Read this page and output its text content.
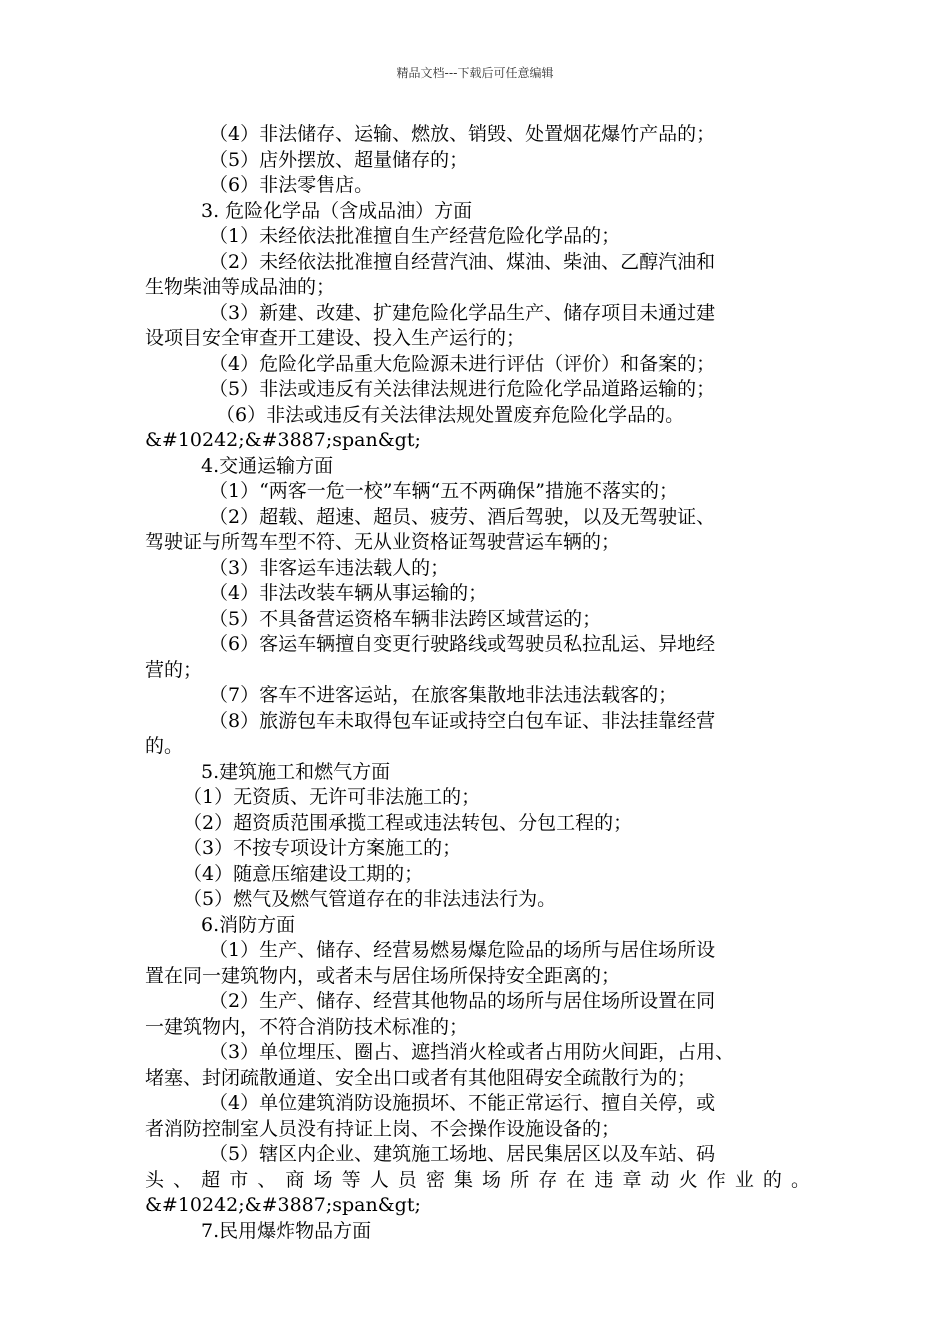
精品文档---下载后可任意编辑
（4）非法储存、运输、燃放、销毁、处置烟花爆竹产品的；
（5）店外摆放、超量储存的；
（6）非法零售店。
3. 危险化学品（含成品油）方面
（1）未经依法批准擅自生产经营危险化学品的；
（2）未经依法批准擅自经营汽油、煤油、柴油、乙醇汽油和
生物柴油等成品油的；
（3）新建、改建、扩建危险化学品生产、储存项目未通过建
设项目安全审查开工建设、投入生产运行的；
（4）危险化学品重大危险源未进行评估（评价）和备案的；
（5）非法或违反有关法律法规进行危险化学品道路运输的；
（6）非法或违反有关法律法规处置废弃危险化学品的。
&#10242;&#3887;span&gt;
4.交通运输方面
（1）“两客一危一校”车辆“五不两确保”措施不落实的；
（2）超载、超速、超员、疲劳、酒后驾驶，以及无驾驶证、
驾驶证与所驾车型不符、无从业资格证驾驶营运车辆的；
（3）非客运车违法载人的；
（4）非法改装车辆从事运输的；
（5）不具备营运资格车辆非法跨区域营运的；
（6）客运车辆擅自变更行驶路线或驾驶员私拉乱运、异地经
营的；
（7）客车不进客运站，在旅客集散地非法违法载客的；
（8）旅游包车未取得包车证或持空白包车证、非法挂靠经营
的。
5.建筑施工和燃气方面
（1）无资质、无许可非法施工的；
（2）超资质范围承揽工程或违法转包、分包工程的；
（3）不按专项设计方案施工的；
（4）随意压缩建设工期的；
（5）燃气及燃气管道存在的非法违法行为。
6.消防方面
（1）生产、储存、经营易燃易爆危险品的场所与居住场所设
置在同一建筑物内，或者未与居住场所保持安全距离的；
（2）生产、储存、经营其他物品的场所与居住场所设置在同
一建筑物内，不符合消防技术标准的；
（3）单位埋压、圈占、遮挡消火栓或者占用防火间距，占用、
堵塞、封闭疏散通道、安全出口或者有其他阻碍安全疏散行为的；
（4）单位建筑消防设施损坏、不能正常运行、擅自关停，或
者消防控制室人员没有持证上岗、不会操作设施设备的；
（5）辖区内企业、建筑施工场地、居民集居区以及车站、码
头、超市、商场等人员密集场所存在违章动火作业的。
&#10242;&#3887;span&gt;
7.民用爆炸物品方面
